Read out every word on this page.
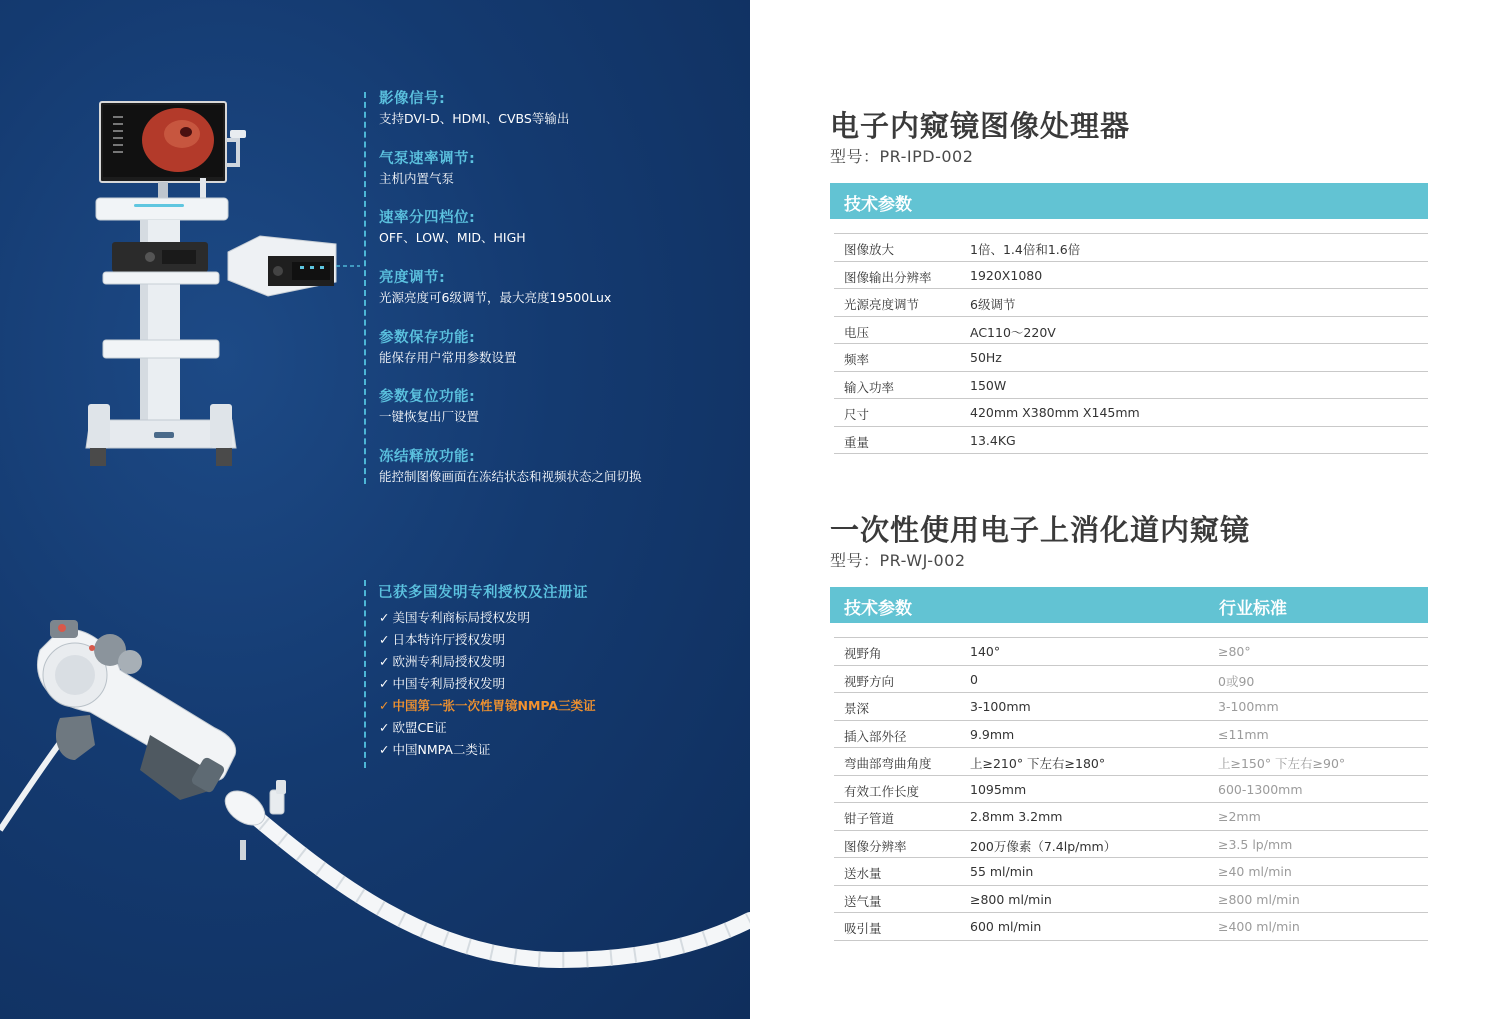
影像信号:
支持DVI-D、HDMI、CVBS等输出
气泵速率调节:
主机内置气泵
速率分四档位:
OFF、LOW、MID、HIGH
亮度调节:
光源亮度可6级调节，最大亮度19500Lux
参数保存功能:
能保存用户常用参数设置
参数复位功能:
一键恢复出厂设置
冻结释放功能:
能控制图像画面在冻结状态和视频状态之间切换
已获多国发明专利授权及注册证
✓ 美国专利商标局授权发明
✓ 日本特许厅授权发明
✓ 欧洲专利局授权发明
✓ 中国专利局授权发明
✓ 中国第一张一次性胃镜NMPA三类证
✓ 欧盟CE证
✓ 中国NMPA二类证
电子内窥镜图像处理器
型号：PR-IPD-002
技术参数
图像放大	1倍、1.4倍和1.6倍
图像输出分辨率	1920X1080
光源亮度调节	6级调节
电压	AC110～220V
频率	50Hz
输入功率	150W
尺寸	420mm X380mm X145mm
重量	13.4KG
一次性使用电子上消化道内窥镜
型号：PR-WJ-002
技术参数	行业标准
视野角	140°	≥80°
视野方向	0	0或90
景深	3-100mm	3-100mm
插入部外径	9.9mm	≤11mm
弯曲部弯曲角度	上≥210° 下左右≥180°	上≥150° 下左右≥90°
有效工作长度	1095mm	600-1300mm
钳子管道	2.8mm 3.2mm	≥2mm
图像分辨率	200万像素（7.4lp/mm）	≥3.5 lp/mm
送水量	55 ml/min	≥40 ml/min
送气量	≥800 ml/min	≥800 ml/min
吸引量	600 ml/min	≥400 ml/min
